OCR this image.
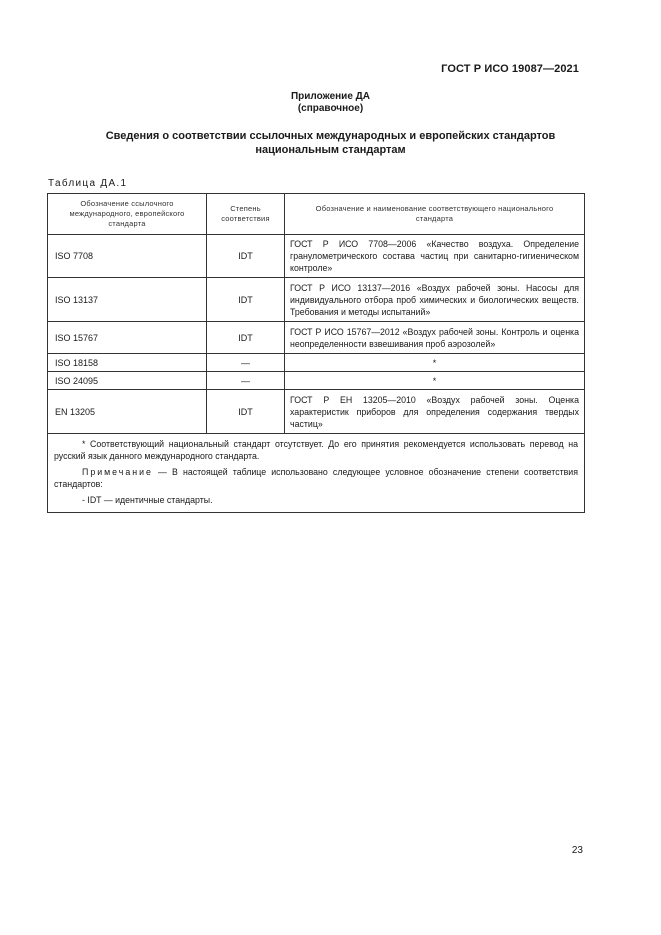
ГОСТ Р ИСО 19087—2021
Приложение ДА
(справочное)
Сведения о соответствии ссылочных международных и европейских стандартов
национальным стандартам
Таблица ДА.1
Обозначение ссылочного международного, европейского стандарта	Степень соответствия	Обозначение и наименование соответствующего национального стандарта
ISO 7708	IDT	ГОСТ Р ИСО 7708—2006 «Качество воздуха. Определение гранулометрического состава частиц при санитарно-гигиеническом контроле»
ISO 13137	IDT	ГОСТ Р ИСО 13137—2016 «Воздух рабочей зоны. Насосы для индивидуального отбора проб химических и биологических веществ. Требования и методы испытаний»
ISO 15767	IDT	ГОСТ Р ИСО 15767—2012 «Воздух рабочей зоны. Контроль и оценка неопределенности взвешивания проб аэрозолей»
ISO 18158	—	*
ISO 24095	—	*
EN 13205	IDT	ГОСТ Р ЕН 13205—2010 «Воздух рабочей зоны. Оценка характеристик приборов для определения содержания твердых частиц»

* Соответствующий национальный стандарт отсутствует. До его принятия рекомендуется использовать перевод на русский язык данного международного стандарта.

Примечание — В настоящей таблице использовано следующее условное обозначение степени соответствия стандартов:

- IDT — идентичные стандарты.		

23
